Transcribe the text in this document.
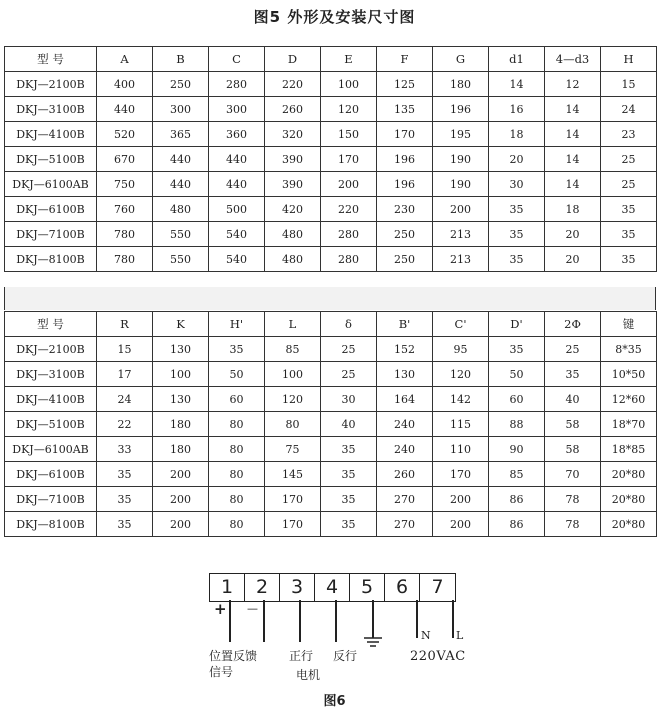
图5 外形及安装尺寸图
型 号	A	B	C	D	E	F	G	d1	4—d3	H
DKJ—2100B	400	250	280	220	100	125	180	14	12	15
DKJ—3100B	440	300	300	260	120	135	196	16	14	24
DKJ—4100B	520	365	360	320	150	170	195	18	14	23
DKJ—5100B	670	440	440	390	170	196	190	20	14	25
DKJ—6100AB	750	440	440	390	200	196	190	30	14	25
DKJ—6100B	760	480	500	420	220	230	200	35	18	35
DKJ—7100B	780	550	540	480	280	250	213	35	20	35
DKJ—8100B	780	550	540	480	280	250	213	35	20	35
型 号	R	K	H'	L	δ	B'	C'	D'	2Φ	键
DKJ—2100B	15	130	35	85	25	152	95	35	25	8*35
DKJ—3100B	17	100	50	100	25	130	120	50	35	10*50
DKJ—4100B	24	130	60	120	30	164	142	60	40	12*60
DKJ—5100B	22	180	80	80	40	240	115	88	58	18*70
DKJ—6100AB	33	180	80	75	35	240	110	90	58	18*85
DKJ—6100B	35	200	80	145	35	260	170	85	70	20*80
DKJ—7100B	35	200	80	170	35	270	200	86	78	20*80
DKJ—8100B	35	200	80	170	35	270	200	86	78	20*80
1	2	3	4	5	6	7
+ —
位置反馈
信号
正行
电机
反行
N L
220VAC
图6
